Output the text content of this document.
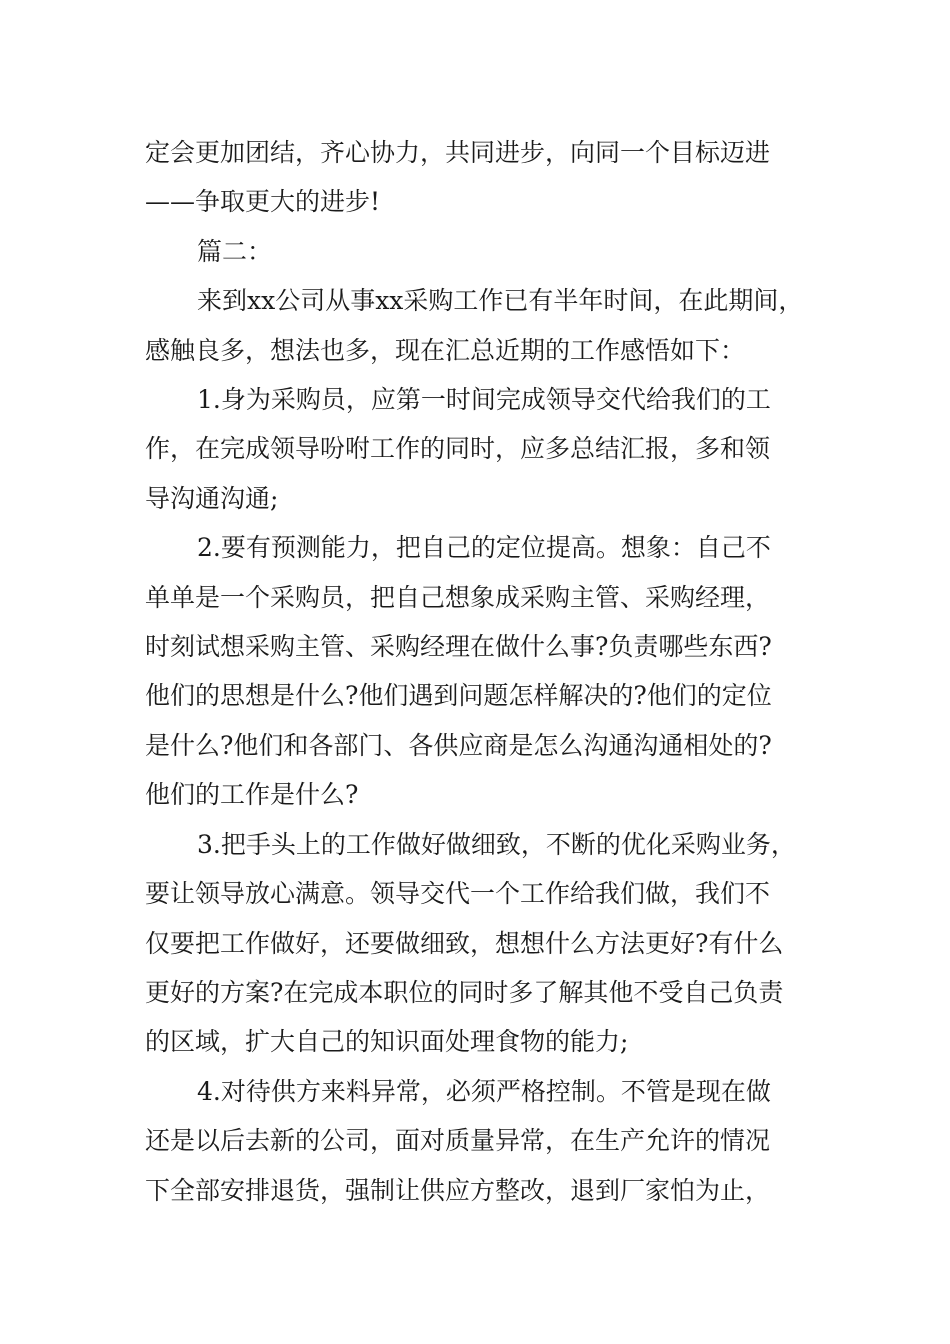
定会更加团结，齐心协力，共同进步，向同一个目标迈进
——争取更大的进步!
篇二：
来到xx公司从事xx采购工作已有半年时间，在此期间，
感触良多，想法也多，现在汇总近期的工作感悟如下：
1.身为采购员，应第一时间完成领导交代给我们的工
作，在完成领导吩咐工作的同时，应多总结汇报，多和领
导沟通沟通;
2.要有预测能力，把自己的定位提高。想象：自己不
单单是一个采购员，把自己想象成采购主管、采购经理，
时刻试想采购主管、采购经理在做什么事?负责哪些东西?
他们的思想是什么?他们遇到问题怎样解决的?他们的定位
是什么?他们和各部门、各供应商是怎么沟通沟通相处的?
他们的工作是什么?
3.把手头上的工作做好做细致，不断的优化采购业务，
要让领导放心满意。领导交代一个工作给我们做，我们不
仅要把工作做好，还要做细致，想想什么方法更好?有什么
更好的方案?在完成本职位的同时多了解其他不受自己负责
的区域，扩大自己的知识面处理食物的能力;
4.对待供方来料异常，必须严格控制。不管是现在做
还是以后去新的公司，面对质量异常，在生产允许的情况
下全部安排退货，强制让供应方整改，退到厂家怕为止，
